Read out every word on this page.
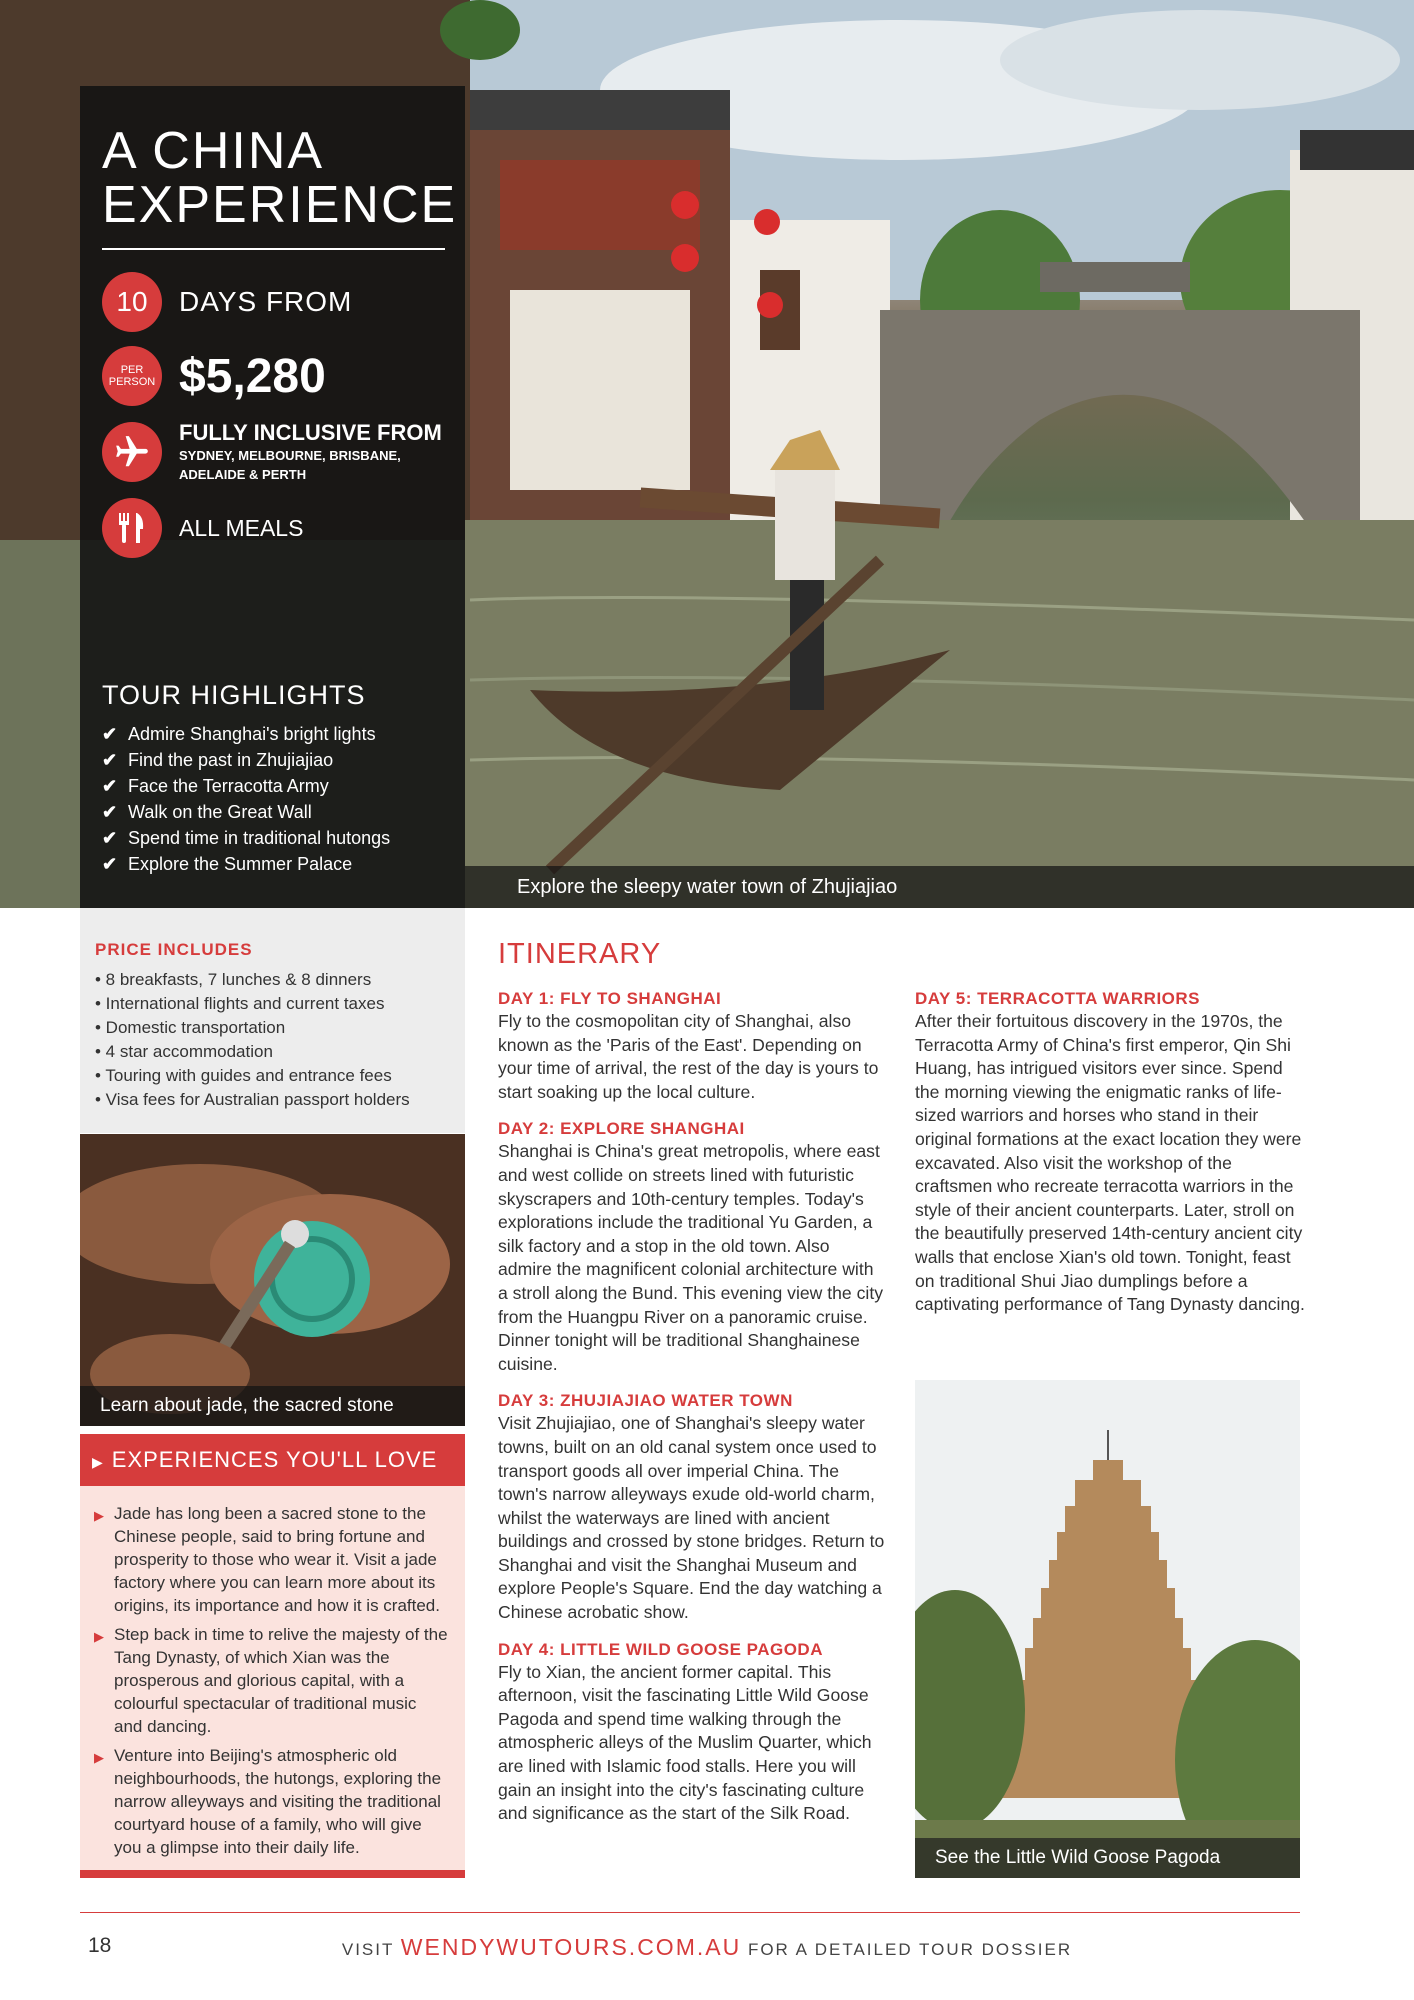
A CHINA
EXPERIENCE
10 DAYS FROM
PER
PERSON $5,280
FULLY INCLUSIVE FROM
SYDNEY, MELBOURNE, BRISBANE,
ADELAIDE & PERTH
ALL MEALS
TOUR HIGHLIGHTS
✔ Admire Shanghai's bright lights
✔ Find the past in Zhujiajiao
✔ Face the Terracotta Army
✔ Walk on the Great Wall
✔ Spend time in traditional hutongs
✔ Explore the Summer Palace
Explore the sleepy water town of Zhujiajiao
PRICE INCLUDES
• 8 breakfasts, 7 lunches & 8 dinners
• International flights and current taxes
• Domestic transportation
• 4 star accommodation
• Touring with guides and entrance fees
• Visa fees for Australian passport holders
Learn about jade, the sacred stone
▶ EXPERIENCES YOU'LL LOVE
▶ Jade has long been a sacred stone to the Chinese people, said to bring fortune and prosperity to those who wear it. Visit a jade factory where you can learn more about its origins, its importance and how it is crafted.
▶ Step back in time to relive the majesty of the Tang Dynasty, of which Xian was the prosperous and glorious capital, with a colourful spectacular of traditional music and dancing.
▶ Venture into Beijing's atmospheric old neighbourhoods, the hutongs, exploring the narrow alleyways and visiting the traditional courtyard house of a family, who will give you a glimpse into their daily life.
ITINERARY
DAY 1: FLY TO SHANGHAI

Fly to the cosmopolitan city of Shanghai, also known as the 'Paris of the East'. Depending on your time of arrival, the rest of the day is yours to start soaking up the local culture.

DAY 2: EXPLORE SHANGHAI

Shanghai is China's great metropolis, where east and west collide on streets lined with futuristic skyscrapers and 10th-century temples. Today's explorations include the traditional Yu Garden, a silk factory and a stop in the old town. Also admire the magnificent colonial architecture with a stroll along the Bund. This evening view the city from the Huangpu River on a panoramic cruise. Dinner tonight will be traditional Shanghainese cuisine.

DAY 3: ZHUJIAJIAO WATER TOWN

Visit Zhujiajiao, one of Shanghai's sleepy water towns, built on an old canal system once used to transport goods all over imperial China. The town's narrow alleyways exude old-world charm, whilst the waterways are lined with ancient buildings and crossed by stone bridges. Return to Shanghai and visit the Shanghai Museum and explore People's Square. End the day watching a Chinese acrobatic show.

DAY 4: LITTLE WILD GOOSE PAGODA

Fly to Xian, the ancient former capital. This afternoon, visit the fascinating Little Wild Goose Pagoda and spend time walking through the atmospheric alleys of the Muslim Quarter, which are lined with Islamic food stalls. Here you will gain an insight into the city's fascinating culture and significance as the start of the Silk Road.

DAY 5: TERRACOTTA WARRIORS

After their fortuitous discovery in the 1970s, the Terracotta Army of China's first emperor, Qin Shi Huang, has intrigued visitors ever since. Spend the morning viewing the enigmatic ranks of life-sized warriors and horses who stand in their original formations at the exact location they were excavated. Also visit the workshop of the craftsmen who recreate terracotta warriors in the style of their ancient counterparts. Later, stroll on the beautifully preserved 14th-century ancient city walls that enclose Xian's old town. Tonight, feast on traditional Shui Jiao dumplings before a captivating performance of Tang Dynasty dancing.

See the Little Wild Goose Pagoda
18	VISIT WENDYWUTOURS.COM.AU FOR A DETAILED TOUR DOSSIER
